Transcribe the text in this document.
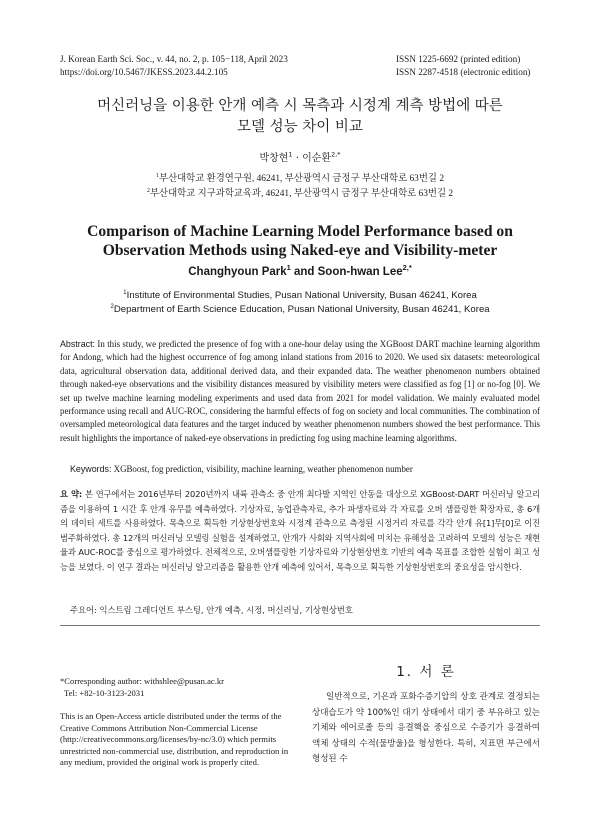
J. Korean Earth Sci. Soc., v. 44, no. 2, p. 105−118, April 2023
https://doi.org/10.5467/JKESS.2023.44.2.105
ISSN 1225-6692 (printed edition)
ISSN 2287-4518 (electronic edition)
머신러닝을 이용한 안개 예측 시 목측과 시정계 계측 방법에 따른
모델 성능 차이 비교
박창현$^1$ · 이순환$^{2,*}$
$^1$부산대학교 환경연구원, 46241, 부산광역시 금정구 부산대학로 63번길 2
$^2$부산대학교 지구과학교육과, 46241, 부산광역시 금정구 부산대학로 63번길 2
Comparison of Machine Learning Model Performance based on
Observation Methods using Naked-eye and Visibility-meter
Changhyoun Park$^1$ and Soon-hwan Lee$^{2,*}$
$^1$Institute of Environmental Studies, Pusan National University, Busan 46241, Korea
$^2$Department of Earth Science Education, Pusan National University, Busan 46241, Korea
Abstract: In this study, we predicted the presence of fog with a one-hour delay using the XGBoost DART machine learning algorithm for Andong, which had the highest occurrence of fog among inland stations from 2016 to 2020. We used six datasets: meteorological data, agricultural observation data, additional derived data, and their expanded data. The weather phenomenon numbers obtained through naked-eye observations and the visibility distances measured by visibility meters were classified as fog [1] or no-fog [0]. We set up twelve machine learning modeling experiments and used data from 2021 for model validation. We mainly evaluated model performance using recall and AUC-ROC, considering the harmful effects of fog on society and local communities. The combination of oversampled meteorological data features and the target induced by weather phenomenon numbers showed the best performance. This result highlights the importance of naked-eye observations in predicting fog using machine learning algorithms.
Keywords: XGBoost, fog prediction, visibility, machine learning, weather phenomenon number
요 약: 본 연구에서는 2016년부터 2020년까지 내륙 관측소 중 안개 최다발 지역인 안동을 대상으로 XGBoost-DART 머신러닝 알고리즘을 이용하여 1 시간 후 안개 유무를 예측하였다. 기상자료, 농업관측자료, 추가 파생자료와 각 자료를 오버 샘플링한 확장자료, 총 6개의 데이터 세트를 사용하였다. 목측으로 획득한 기상현상번호와 시정계 관측으로 측정된 시정거리 자료를 각각 안개 유[1]무[0]로 이진 범주화하였다. 총 12개의 머신러닝 모델링 실험을 설계하였고, 안개가 사회와 지역사회에 미치는 유해성을 고려하여 모델의 성능은 재현율과 AUC-ROC를 중심으로 평가하였다. 전체적으로, 오버샘플링한 기상자료와 기상현상번호 기반의 예측 목표를 조합한 실험이 최고 성능을 보였다. 이 연구 결과는 머신러닝 알고리즘을 활용한 안개 예측에 있어서, 목측으로 획득한 기상현상번호의 중요성을 암시한다.
주요어: 익스트림 그레디언트 부스팅, 안개 예측, 시정, 머신러닝, 기상현상번호
*Corresponding author: withshlee@pusan.ac.kr
Tel: +82-10-3123-2031
This is an Open-Access article distributed under the terms of the Creative Commons Attribution Non-Commercial License (http://creativecommons.org/licenses/by-nc/3.0) which permits unrestricted non-commercial use, distribution, and reproduction in any medium, provided the original work is properly cited.
1. 서 론
일반적으로, 기온과 포화수증기압의 상호 관계로 결정되는 상대습도가 약 100%인 대기 상태에서 대기 중 부유하고 있는 기체와 에어로졸 등의 응결핵을 중심으로 수증기가 응결하여 액체 상태의 수적(물방울)을 형성한다. 특히, 지표면 부근에서 형성된 수
